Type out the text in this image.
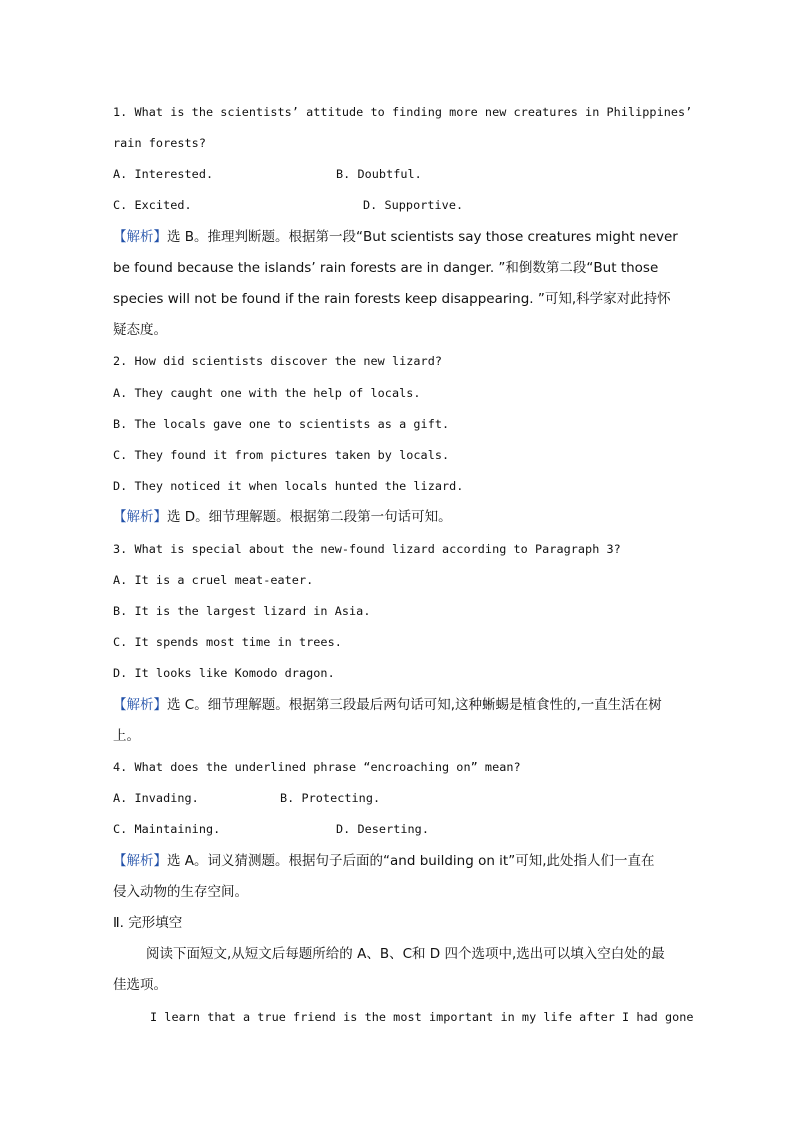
1. What is the scientists’ attitude to finding more new creatures in Philippines’
rain forests?
A. Interested.	B. Doubtful.
C. Excited.	D. Supportive.
【解析】选 B。推理判断题。根据第一段“But scientists say those creatures might never
be found because the islands’ rain forests are in danger. ”和倒数第二段“But those
species will not be found if the rain forests keep disappearing. ”可知,科学家对此持怀
疑态度。
2. How did scientists discover the new lizard?
A. They caught one with the help of locals.
B. The locals gave one to scientists as a gift.
C. They found it from pictures taken by locals.
D. They noticed it when locals hunted the lizard.
【解析】选 D。细节理解题。根据第二段第一句话可知。
3. What is special about the new-found lizard according to Paragraph 3?
A. It is a cruel meat-eater.
B. It is the largest lizard in Asia.
C. It spends most time in trees.
D. It looks like Komodo dragon.
【解析】选 C。细节理解题。根据第三段最后两句话可知,这种蜥蜴是植食性的,一直生活在树
上。
4. What does the underlined phrase “encroaching on” mean?
A. Invading.	B. Protecting.
C. Maintaining.	D. Deserting.
【解析】选 A。词义猜测题。根据句子后面的“and building on it”可知,此处指人们一直在
侵入动物的生存空间。
Ⅱ. 完形填空
阅读下面短文,从短文后每题所给的 A、B、C和 D 四个选项中,选出可以填入空白处的最
佳选项。
I learn that a true friend is the most important in my life after I had gone
